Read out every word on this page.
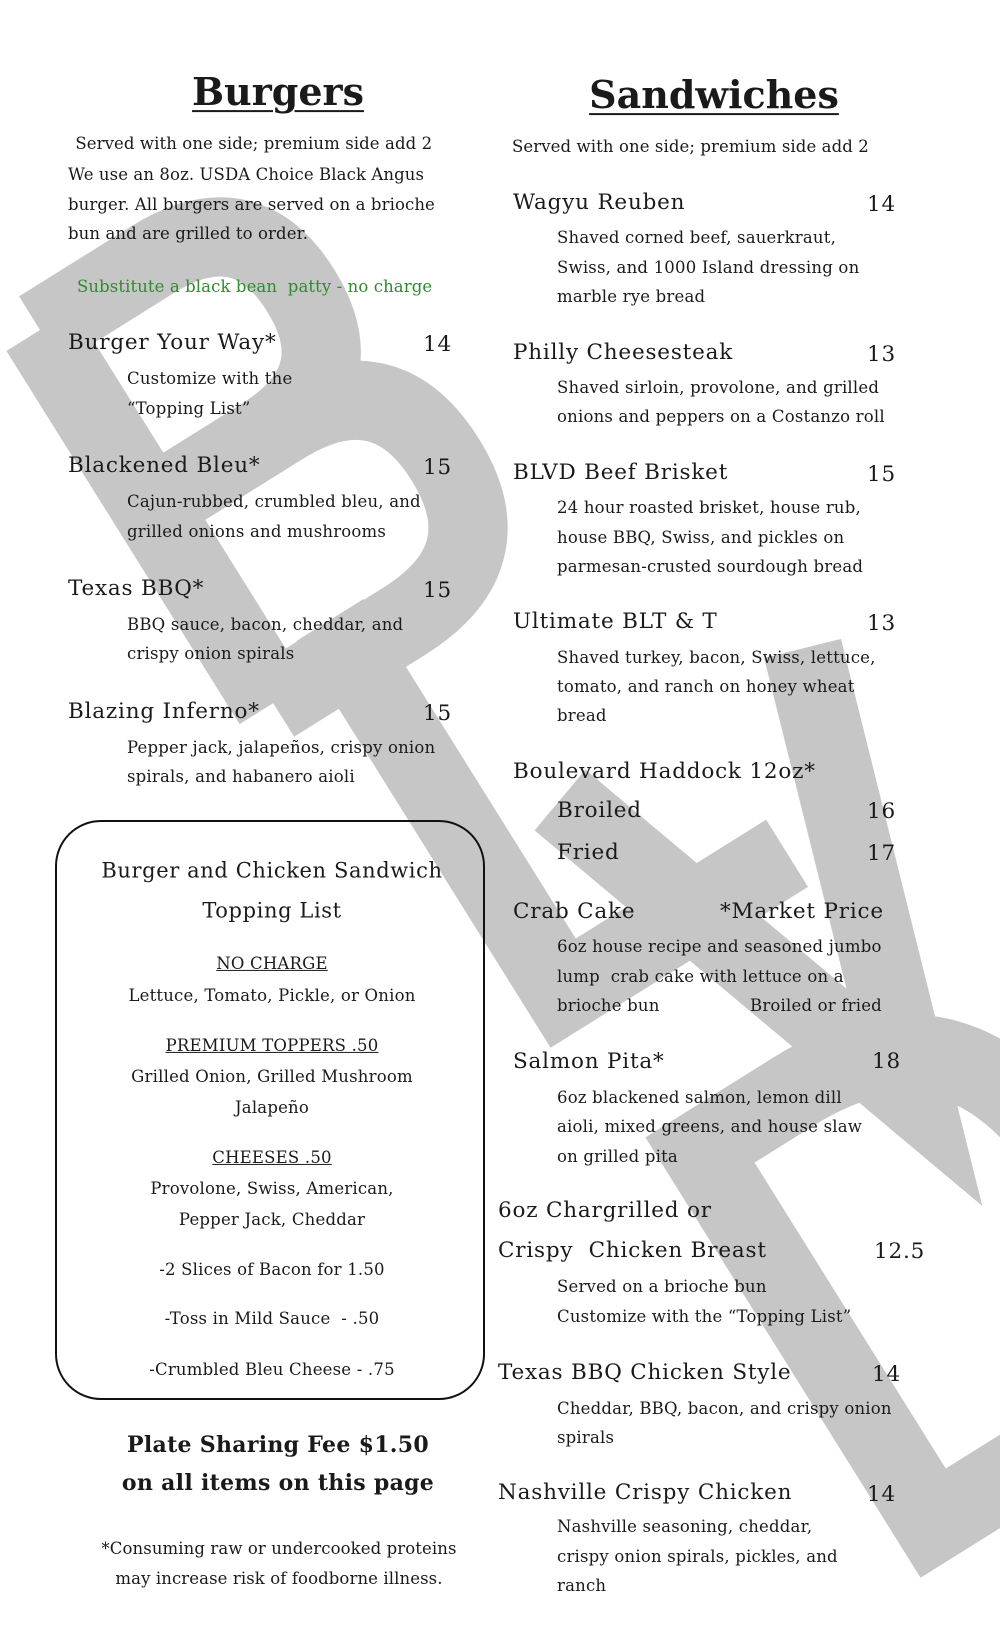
Burgers
Served with one side; premium side add 2
We use an 8oz. USDA Choice Black Angus
burger. All burgers are served on a brioche
bun and are grilled to order.
Substitute a black bean  patty - no charge
Burger Your Way*	14
Customize with the
“Topping List”
Blackened Bleu*	15
Cajun-rubbed, crumbled bleu, and
grilled onions and mushrooms
Texas BBQ*	15
BBQ sauce, bacon, cheddar, and
crispy onion spirals
Blazing Inferno*	15
Pepper jack, jalapeños, crispy onion
spirals, and habanero aioli
Burger and Chicken Sandwich
Topping List
NO CHARGE
Lettuce, Tomato, Pickle, or Onion
PREMIUM TOPPERS .50
Grilled Onion, Grilled Mushroom
Jalapeño
CHEESES .50
Provolone, Swiss, American,
Pepper Jack, Cheddar
-2 Slices of Bacon for 1.50
-Toss in Mild Sauce  - .50
-Crumbled Bleu Cheese - .75
Plate Sharing Fee $1.50
on all items on this page
*Consuming raw or undercooked proteins
may increase risk of foodborne illness.
Sandwiches
Served with one side; premium side add 2
Wagyu Reuben	14
Shaved corned beef, sauerkraut,
Swiss, and 1000 Island dressing on
marble rye bread
Philly Cheesesteak	13
Shaved sirloin, provolone, and grilled
onions and peppers on a Costanzo roll
BLVD Beef Brisket	15
24 hour roasted brisket, house rub,
house BBQ, Swiss, and pickles on
parmesan-crusted sourdough bread
Ultimate BLT & T	13
Shaved turkey, bacon, Swiss, lettuce,
tomato, and ranch on honey wheat
bread
Boulevard Haddock 12oz*
Broiled	16
Fried	17
Crab Cake	*Market Price
6oz house recipe and seasoned jumbo
lump  crab cake with lettuce on a
brioche bun	Broiled or fried
Salmon Pita*	18
6oz blackened salmon, lemon dill
aioli, mixed greens, and house slaw
on grilled pita
6oz Chargrilled or
Crispy  Chicken Breast	12.5
Served on a brioche bun
Customize with the “Topping List”
Texas BBQ Chicken Style	14
Cheddar, BBQ, bacon, and crispy onion
spirals
Nashville Crispy Chicken	14
Nashville seasoning, cheddar,
crispy onion spirals, pickles, and
ranch
